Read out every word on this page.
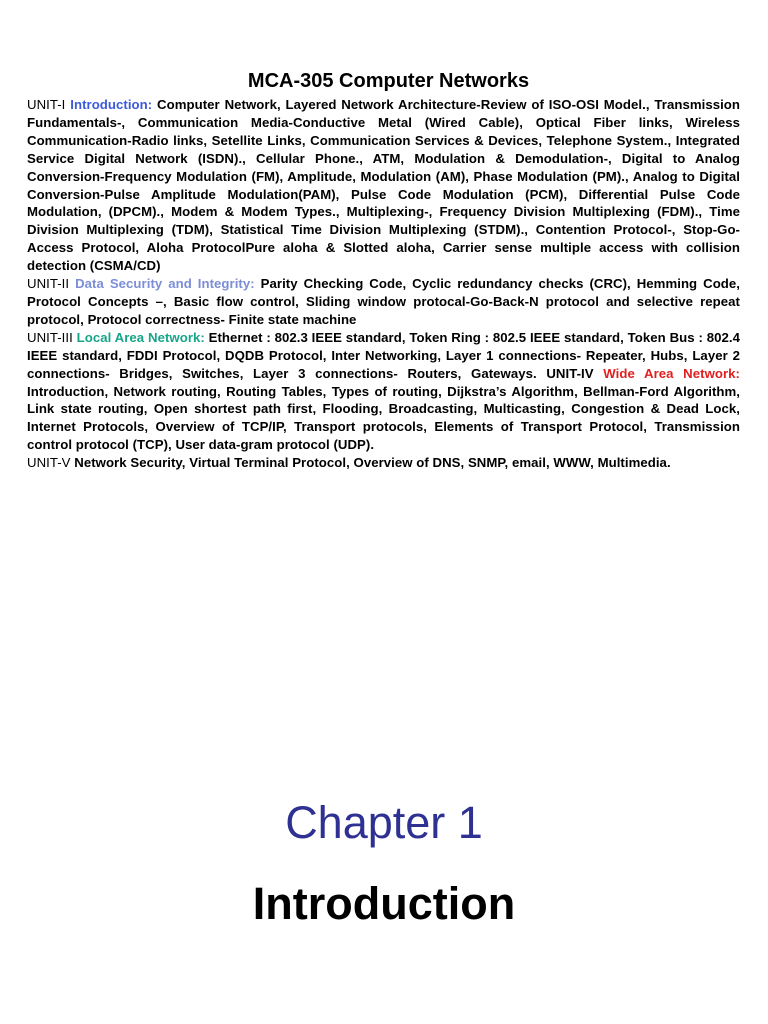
MCA-305 Computer Networks

UNIT-I Introduction: Computer Network, Layered Network Architecture-Review of ISO-OSI Model., Transmission Fundamentals-, Communication Media-Conductive Metal (Wired Cable), Optical Fiber links, Wireless Communication-Radio links, Setellite Links, Communication Services & Devices, Telephone System., Integrated Service Digital Network (ISDN)., Cellular Phone., ATM, Modulation & Demodulation-, Digital to Analog Conversion-Frequency Modulation (FM), Amplitude, Modulation (AM), Phase Modulation (PM)., Analog to Digital Conversion-Pulse Amplitude Modulation(PAM), Pulse Code Modulation (PCM), Differential Pulse Code Modulation, (DPCM)., Modem & Modem Types., Multiplexing-, Frequency Division Multiplexing (FDM)., Time Division Multiplexing (TDM), Statistical Time Division Multiplexing (STDM)., Contention Protocol-, Stop-Go-Access Protocol, Aloha ProtocolPure aloha & Slotted aloha, Carrier sense multiple access with collision detection (CSMA/CD)

UNIT-II Data Security and Integrity: Parity Checking Code, Cyclic redundancy checks (CRC), Hemming Code, Protocol Concepts –, Basic flow control, Sliding window protocal-Go-Back-N protocol and selective repeat protocol, Protocol correctness- Finite state machine

UNIT-III Local Area Network: Ethernet : 802.3 IEEE standard, Token Ring : 802.5 IEEE standard, Token Bus : 802.4 IEEE standard, FDDI Protocol, DQDB Protocol, Inter Networking, Layer 1 connections- Repeater, Hubs, Layer 2 connections- Bridges, Switches, Layer 3 connections- Routers, Gateways. UNIT-IV Wide Area Network: Introduction, Network routing, Routing Tables, Types of routing, Dijkstra’s Algorithm, Bellman-Ford Algorithm, Link state routing, Open shortest path first, Flooding, Broadcasting, Multicasting, Congestion & Dead Lock, Internet Protocols, Overview of TCP/IP, Transport protocols, Elements of Transport Protocol, Transmission control protocol (TCP), User data-gram protocol (UDP).

UNIT-V Network Security, Virtual Terminal Protocol, Overview of DNS, SNMP, email, WWW, Multimedia.

Chapter 1
Introduction
